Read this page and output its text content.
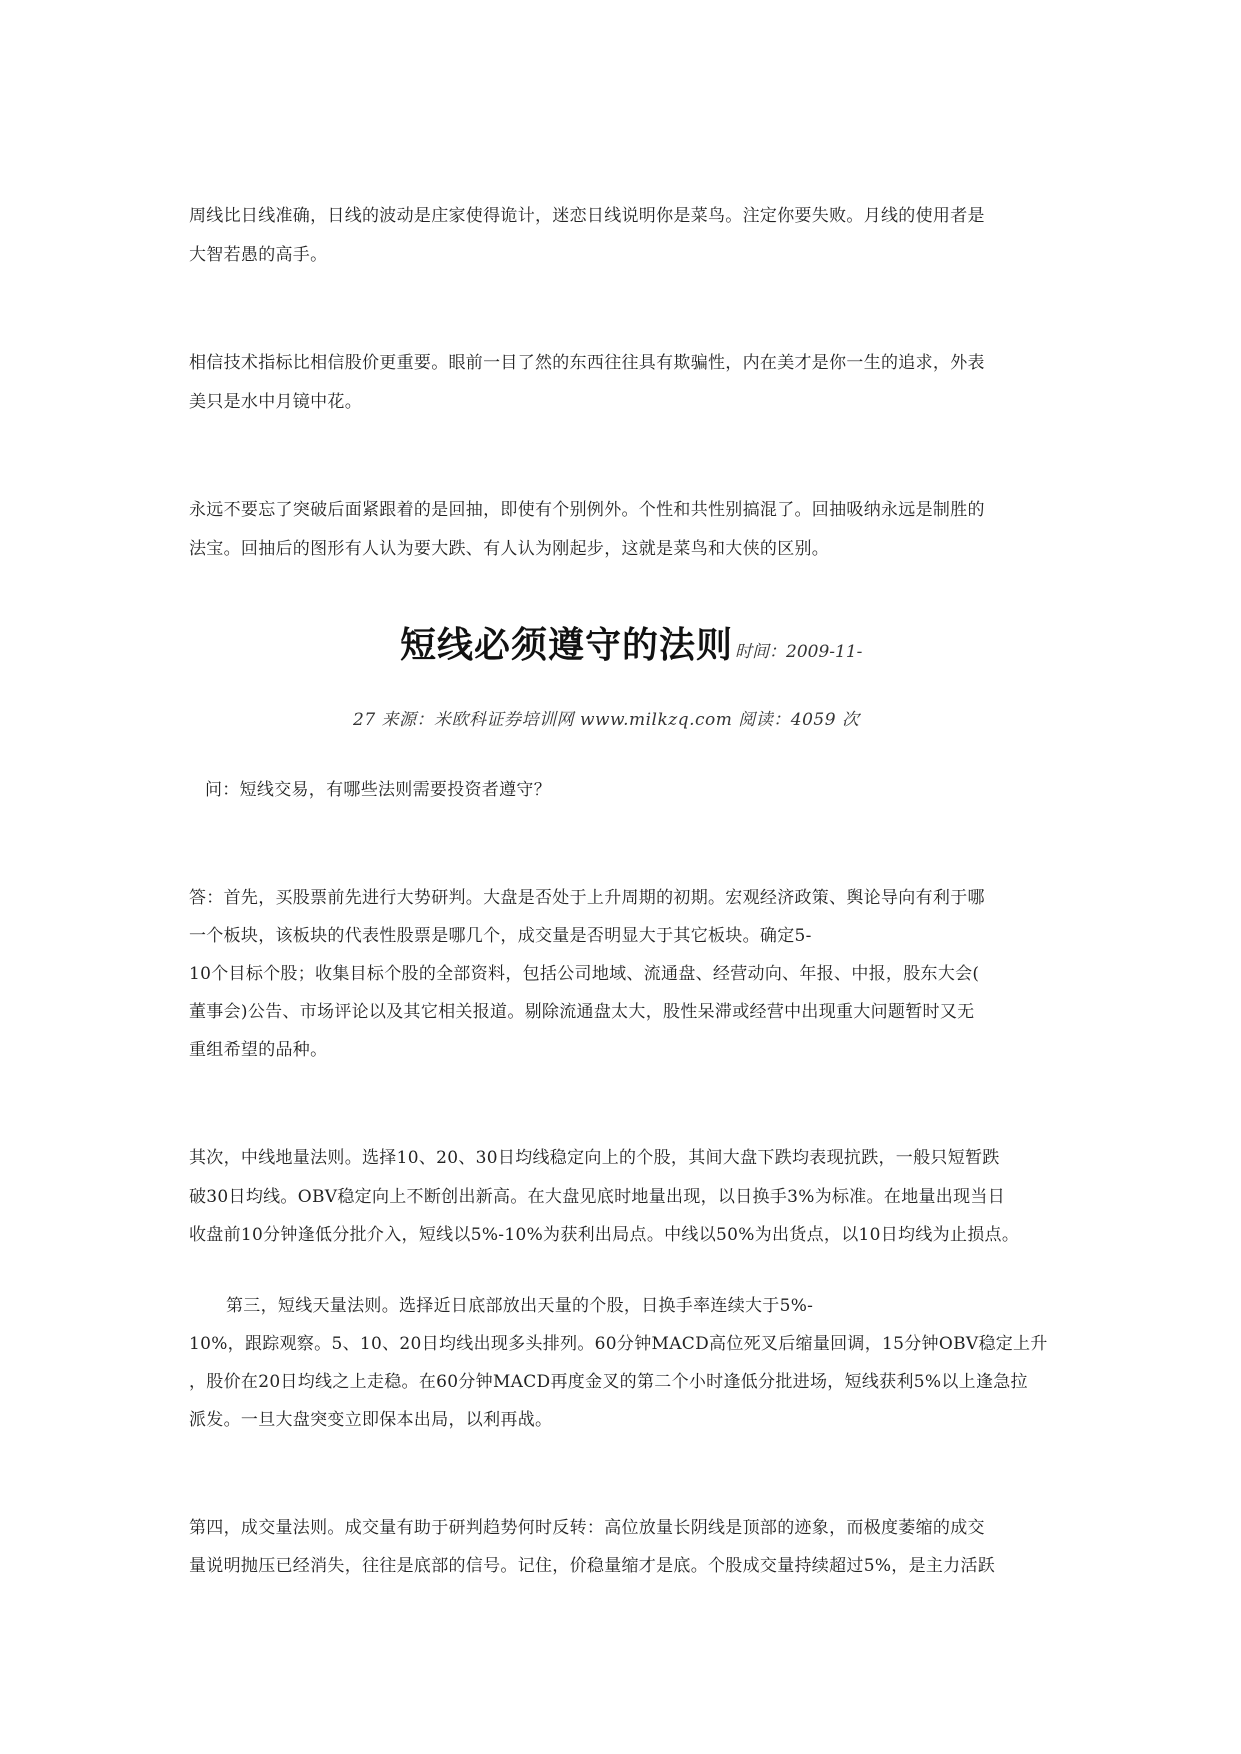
周线比日线准确，日线的波动是庄家使得诡计，迷恋日线说明你是菜鸟。注定你要失败。月线的使用者是
大智若愚的高手。
相信技术指标比相信股价更重要。眼前一目了然的东西往往具有欺骗性，内在美才是你一生的追求，外表
美只是水中月镜中花。
永远不要忘了突破后面紧跟着的是回抽，即使有个别例外。个性和共性别搞混了。回抽吸纳永远是制胜的
法宝。回抽后的图形有人认为要大跌、有人认为刚起步，这就是菜鸟和大侠的区别。
短线必须遵守的法则 时间：2009-11-
27 来源：米欧科证券培训网 www.milkzq.com 阅读：4059 次
问：短线交易，有哪些法则需要投资者遵守？
答：首先，买股票前先进行大势研判。大盘是否处于上升周期的初期。宏观经济政策、舆论导向有利于哪
一个板块，该板块的代表性股票是哪几个，成交量是否明显大于其它板块。确定5-
10个目标个股；收集目标个股的全部资料，包括公司地域、流通盘、经营动向、年报、中报，股东大会(
董事会)公告、市场评论以及其它相关报道。剔除流通盘太大，股性呆滞或经营中出现重大问题暂时又无
重组希望的品种。
其次，中线地量法则。选择10、20、30日均线稳定向上的个股，其间大盘下跌均表现抗跌，一般只短暂跌
破30日均线。OBV稳定向上不断创出新高。在大盘见底时地量出现，以日换手3%为标准。在地量出现当日
收盘前10分钟逢低分批介入，短线以5%-10%为获利出局点。中线以50%为出货点，以10日均线为止损点。
第三，短线天量法则。选择近日底部放出天量的个股，日换手率连续大于5%-
10%，跟踪观察。5、10、20日均线出现多头排列。60分钟MACD高位死叉后缩量回调，15分钟OBV稳定上升
，股价在20日均线之上走稳。在60分钟MACD再度金叉的第二个小时逢低分批进场，短线获利5%以上逢急拉
派发。一旦大盘突变立即保本出局，以利再战。
第四，成交量法则。成交量有助于研判趋势何时反转：高位放量长阴线是顶部的迹象，而极度萎缩的成交
量说明抛压已经消失，往往是底部的信号。记住，价稳量缩才是底。个股成交量持续超过5%，是主力活跃
